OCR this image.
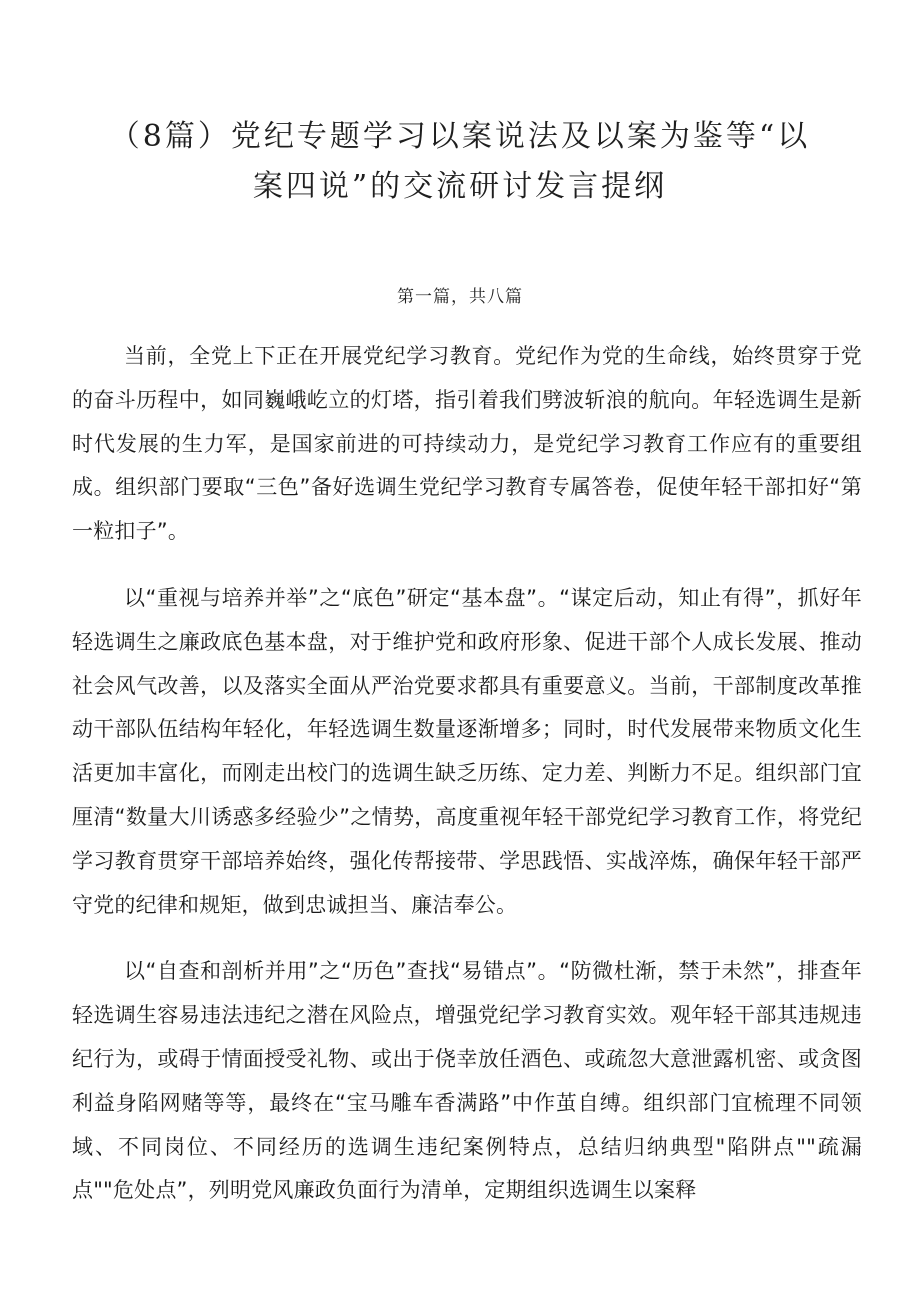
（8篇）党纪专题学习以案说法及以案为鉴等“以
案四说”的交流研讨发言提纲
第一篇，共八篇

当前，全党上下正在开展党纪学习教育。党纪作为党的生命线，始终贯穿于党的奋斗历程中，如同巍峨屹立的灯塔，指引着我们劈波斩浪的航向。年轻选调生是新时代发展的生力军，是国家前进的可持续动力，是党纪学习教育工作应有的重要组成。组织部门要取“三色”备好选调生党纪学习教育专属答卷，促使年轻干部扣好“第一粒扣子”。

以“重视与培养并举”之“底色”研定“基本盘”。“谋定后动，知止有得”，抓好年轻选调生之廉政底色基本盘，对于维护党和政府形象、促进干部个人成长发展、推动社会风气改善，以及落实全面从严治党要求都具有重要意义。当前，干部制度改革推动干部队伍结构年轻化，年轻选调生数量逐渐增多；同时，时代发展带来物质文化生活更加丰富化，而刚走出校门的选调生缺乏历练、定力差、判断力不足。组织部门宜厘清“数量大川诱惑多经验少”之情势，高度重视年轻干部党纪学习教育工作，将党纪学习教育贯穿干部培养始终，强化传帮接带、学思践悟、实战淬炼，确保年轻干部严守党的纪律和规矩，做到忠诚担当、廉洁奉公。

以“自查和剖析并用”之“历色”查找“易错点”。“防微杜渐，禁于未然”，排查年轻选调生容易违法违纪之潜在风险点，增强党纪学习教育实效。观年轻干部其违规违纪行为，或碍于情面授受礼物、或出于侥幸放任酒色、或疏忽大意泄露机密、或贪图利益身陷网赌等等，最终在“宝马雕车香满路”中作茧自缚。组织部门宜梳理不同领域、不同岗位、不同经历的选调生违纪案例特点，总结归纳典型"陷阱点""疏漏点""危处点”，列明党风廉政负面行为清单，定期组织选调生以案释
